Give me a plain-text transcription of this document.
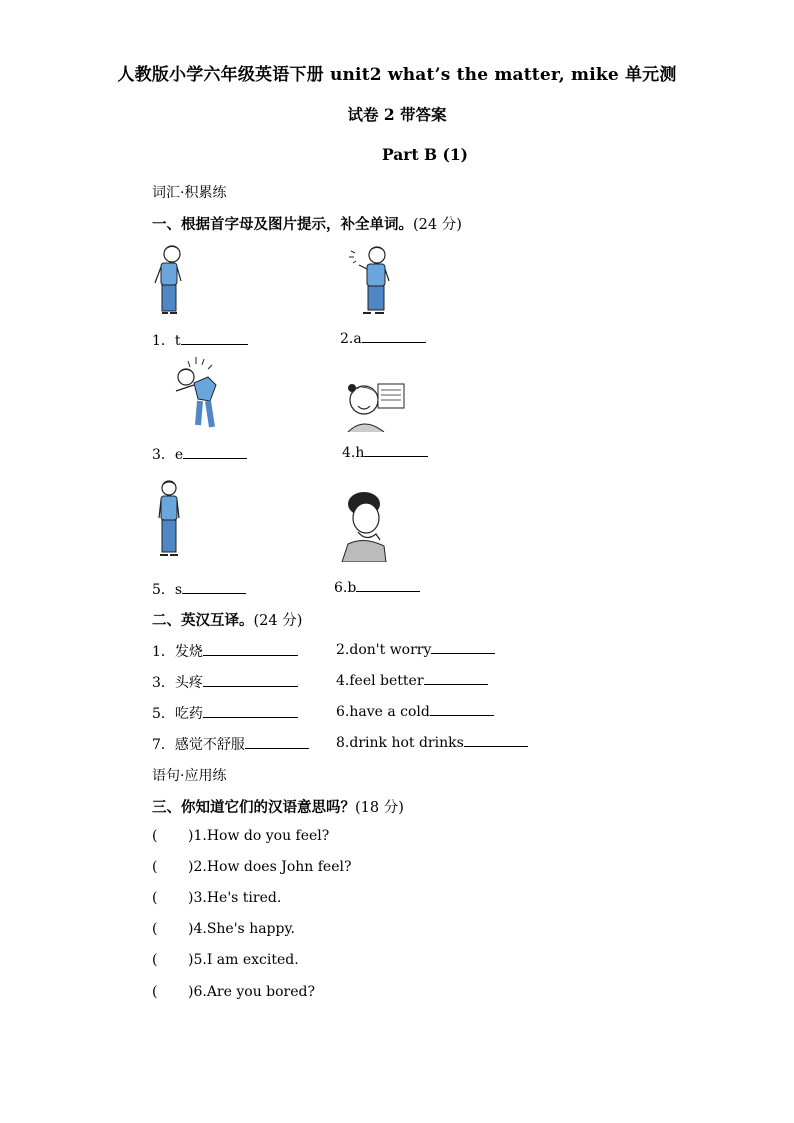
人教版小学六年级英语下册 unit2 what’s the matter, mike 单元测
试卷 2 带答案
Part B (1)
词汇·积累练
一、根据首字母及图片提示，补全单词。(24 分)
1．t	2.a
3．e	4.h
5．s	6.b
二、英汉互译。(24 分)
1．发烧	2.don't worry
3．头疼	4.feel better
5．吃药	6.have a cold
7．感觉不舒服	8.drink hot drinks
语句·应用练
三、你知道它们的汉语意思吗？(18 分)
( )1.How do you feel?
( )2.How does John feel?
( )3.He's tired.
( )4.She's happy.
( )5.I am excited.
( )6.Are you bored?
